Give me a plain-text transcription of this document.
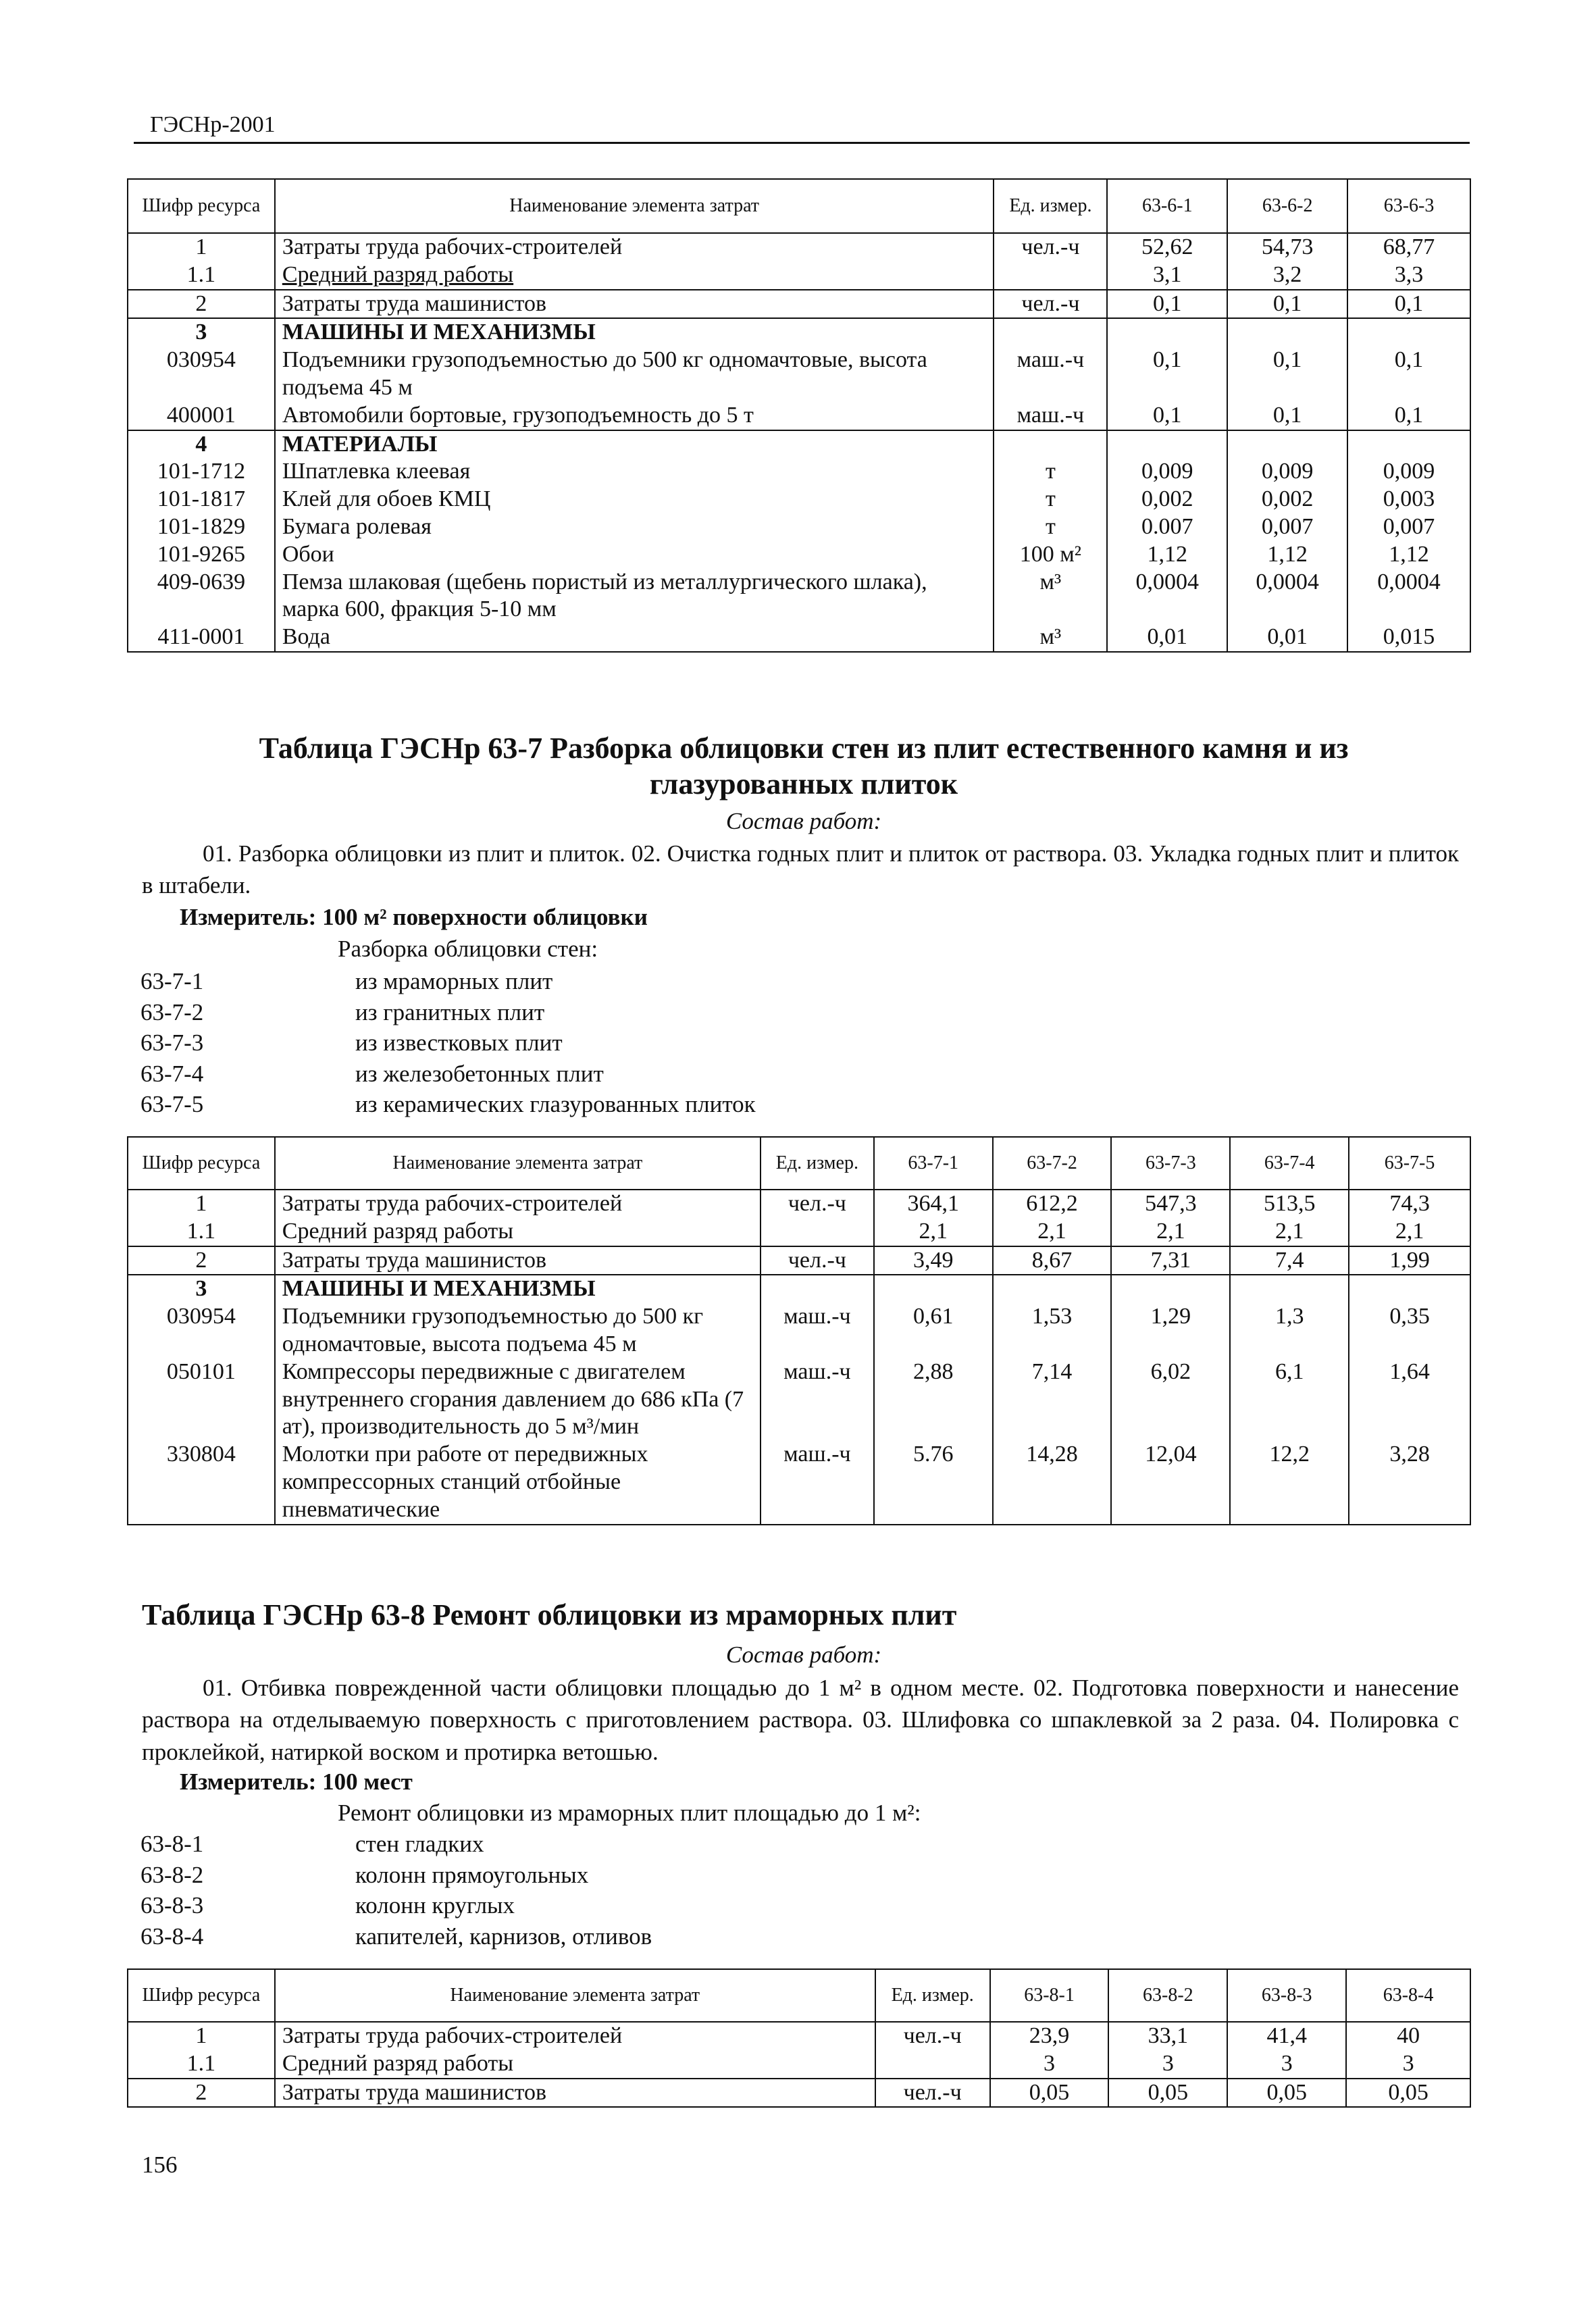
ГЭСНр-2001
Шифр ресурса	Наименование элемента затрат	Ед. измер.	63-6-1	63-6-2	63-6-3
1	Затраты труда рабочих-строителей	чел.-ч	52,62	54,73	68,77
1.1	Средний разряд работы		3,1	3,2	3,3
2	Затраты труда машинистов	чел.-ч	0,1	0,1	0,1
3	МАШИНЫ И МЕХАНИЗМЫ				
030954	Подъемники грузоподъемностью до 500 кг одномачтовые, высота подъема 45 м	маш.-ч	0,1	0,1	0,1
400001	Автомобили бортовые, грузоподъемность до 5 т	маш.-ч	0,1	0,1	0,1
4	МАТЕРИАЛЫ				
101-1712	Шпатлевка клеевая	т	0,009	0,009	0,009
101-1817	Клей для обоев КМЦ	т	0,002	0,002	0,003
101-1829	Бумага ролевая	т	0.007	0,007	0,007
101-9265	Обои	100 м²	1,12	1,12	1,12
409-0639	Пемза шлаковая (щебень пористый из металлургического шлака), марка 600, фракция 5-10 мм	м³	0,0004	0,0004	0,0004
411-0001	Вода	м³	0,01	0,01	0,015
Таблица ГЭСНр 63-7 Разборка облицовки стен из плит естественного камня и из
глазурованных плиток
Состав работ:
01. Разборка облицовки из плит и плиток. 02. Очистка годных плит и плиток от раствора. 03. Укладка годных плит и плиток в штабели.
Измеритель: 100 м² поверхности облицовки
Разборка облицовки стен:
63-7-1	из мраморных плит
63-7-2	из гранитных плит
63-7-3	из известковых плит
63-7-4	из железобетонных плит
63-7-5	из керамических глазурованных плиток
Шифр ресурса	Наименование элемента затрат	Ед. измер.	63-7-1	63-7-2	63-7-3	63-7-4	63-7-5
1	Затраты труда рабочих-строителей	чел.-ч	364,1	612,2	547,3	513,5	74,3
1.1	Средний разряд работы		2,1	2,1	2,1	2,1	2,1
2	Затраты труда машинистов	чел.-ч	3,49	8,67	7,31	7,4	1,99
3	МАШИНЫ И МЕХАНИЗМЫ						
030954	Подъемники грузоподъемностью до 500 кг одномачтовые, высота подъема 45 м	маш.-ч	0,61	1,53	1,29	1,3	0,35
050101	Компрессоры передвижные с двигателем внутреннего сгорания давлением до 686 кПа (7 ат), производительность до 5 м³/мин	маш.-ч	2,88	7,14	6,02	6,1	1,64
330804	Молотки при работе от передвижных компрессорных станций отбойные пневматические	маш.-ч	5.76	14,28	12,04	12,2	3,28
Таблица ГЭСНр 63-8 Ремонт облицовки из мраморных плит
Состав работ:
01. Отбивка поврежденной части облицовки площадью до 1 м² в одном месте. 02. Подготовка поверхности и нанесение раствора на отделываемую поверхность с приготовлением раствора. 03. Шлифовка со шпаклевкой за 2 раза. 04. Полировка с проклейкой, натиркой воском и протирка ветошью.
Измеритель: 100 мест
Ремонт облицовки из мраморных плит площадью до 1 м²:
63-8-1	стен гладких
63-8-2	колонн прямоугольных
63-8-3	колонн круглых
63-8-4	капителей, карнизов, отливов
Шифр ресурса	Наименование элемента затрат	Ед. измер.	63-8-1	63-8-2	63-8-3	63-8-4
1	Затраты труда рабочих-строителей	чел.-ч	23,9	33,1	41,4	40
1.1	Средний разряд работы		3	3	3	3
2	Затраты труда машинистов	чел.-ч	0,05	0,05	0,05	0,05
156
